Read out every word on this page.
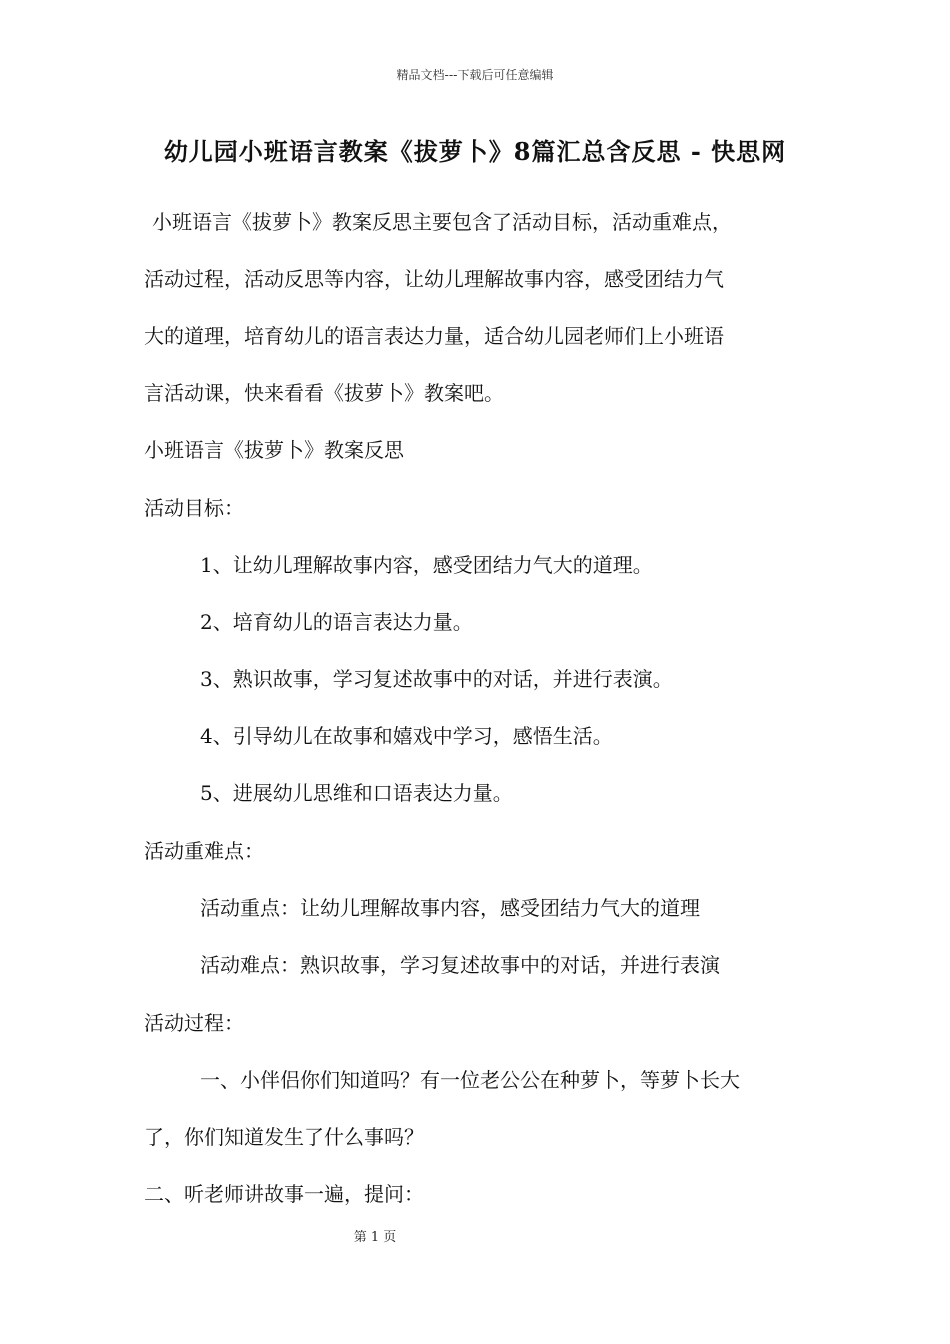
精品文档---下载后可任意编辑
幼儿园小班语言教案《拔萝卜》8篇汇总含反思 - 快思网
小班语言《拔萝卜》教案反思主要包含了活动目标，活动重难点，
活动过程，活动反思等内容，让幼儿理解故事内容，感受团结力气
大的道理，培育幼儿的语言表达力量，适合幼儿园老师们上小班语
言活动课，快来看看《拔萝卜》教案吧。
小班语言《拔萝卜》教案反思
活动目标：
1、让幼儿理解故事内容，感受团结力气大的道理。
2、培育幼儿的语言表达力量。
3、熟识故事，学习复述故事中的对话，并进行表演。
4、引导幼儿在故事和嬉戏中学习，感悟生活。
5、进展幼儿思维和口语表达力量。
活动重难点：
活动重点：让幼儿理解故事内容，感受团结力气大的道理
活动难点：熟识故事，学习复述故事中的对话，并进行表演
活动过程：
一、小伴侣你们知道吗？有一位老公公在种萝卜，等萝卜长大
了，你们知道发生了什么事吗？
二、听老师讲故事一遍，提问：
第 1 页
